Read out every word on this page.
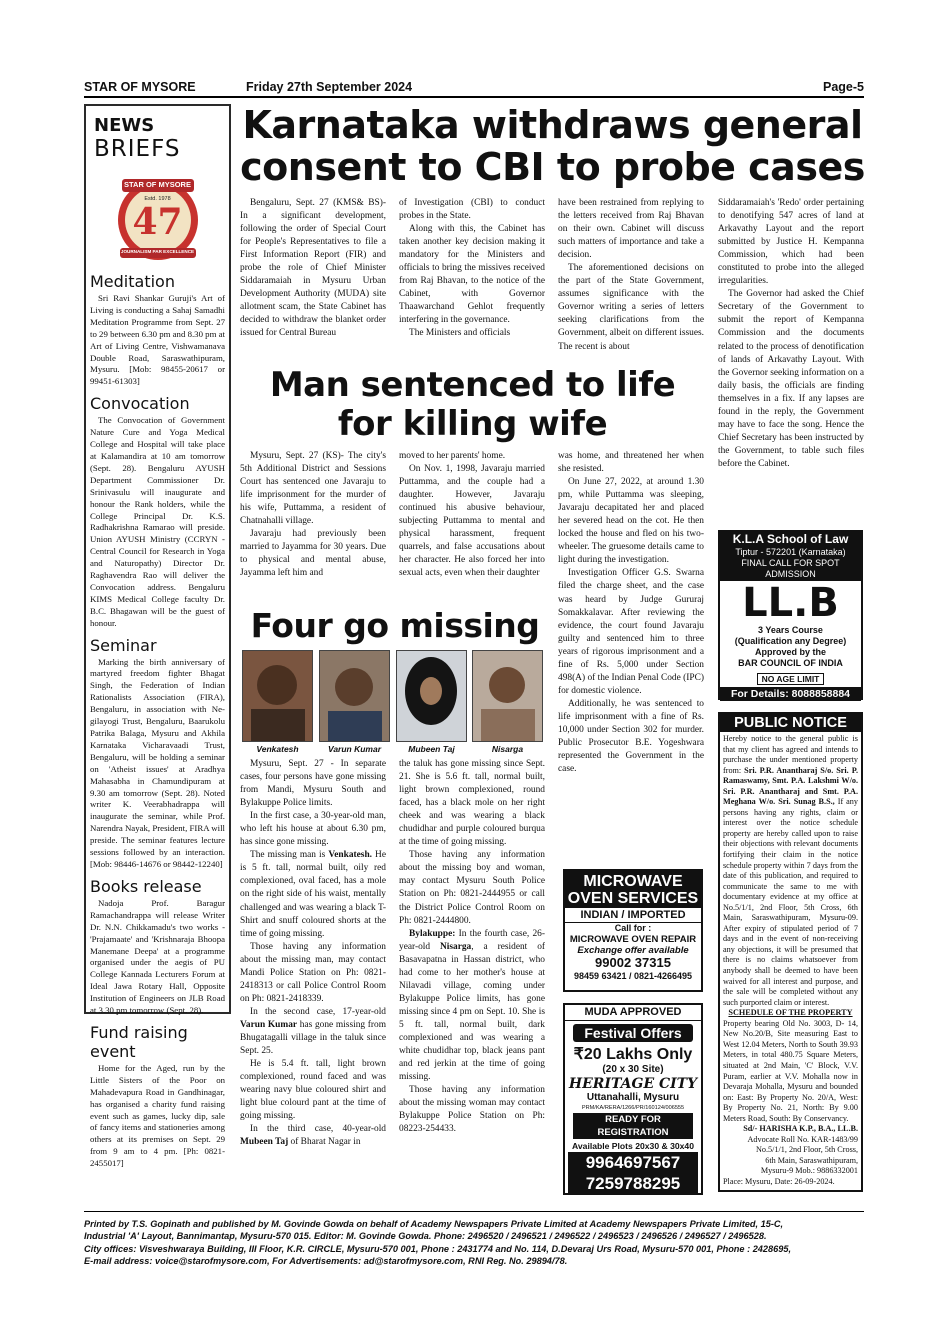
STAR OF MYSORE	Friday 27th September 2024	Page-5
NEWS
BRIEFS
STAR OF MYSORE
Estd. 1978
47
JOURNALISM PAR EXCELLENCE
Meditation

Sri Ravi Shankar Guruji's Art of Living is conducting a Sahaj Samadhi Meditation Programme from Sept. 27 to 29 between 6.30 pm and 8.30 pm at Art of Living Centre, Vishwamanava Double Road, Saraswathipuram, Mysuru. [Mob: 98455-20617 or 99451-61303]

Convocation

The Convocation of Government Nature Cure and Yoga Medical College and Hospital will take place at Kalamandira at 10 am tomorrow (Sept. 28). Bengaluru AYUSH Department Commissioner Dr. Srinivasulu will inaugurate and honour the Rank holders, while the College Principal Dr. K.S. Radhakrishna Ramarao will preside. Union AYUSH Ministry (CCRYN - Central Council for Research in Yoga and Naturopathy) Director Dr. Raghavendra Rao will deliver the Convocation address. Bengaluru KIMS Medical College faculty Dr. B.C. Bhagawan will be the guest of honour.

Seminar

Marking the birth anniversary of martyred freedom fighter Bhagat Singh, the Federation of Indian Rationalists Association (FIRA), Bengaluru, in association with Ne-gilayogi Trust, Bengaluru, Baarukolu Patrika Balaga, Mysuru and Akhila Karnataka Vicharavaadi Trust, Bengaluru, will be holding a seminar on 'Atheist issues' at Aradhya Mahasabha in Chamundipuram at 9.30 am tomorrow (Sept. 28). Noted writer K. Veerabhadrappa will inaugurate the seminar, while Prof. Narendra Nayak, President, FIRA will preside. The seminar features lecture sessions followed by an interaction. [Mob: 98446-14676 or 98442-12240]

Books release

Nadoja Prof. Baragur Ramachandrappa will release Writer Dr. N.N. Chikkamadu's two works - 'Prajamaate' and 'Krishnaraja Bhoopa Manemane Deepa' at a programme organised under the aegis of PU College Kannada Lecturers Forum at Ideal Jawa Rotary Hall, Opposite Institution of Engineers on JLB Road at 3.30 pm tomorrow (Sept. 28).

Fund raising event

Home for the Aged, run by the Little Sisters of the Poor on Mahadevapura Road in Gandhinagar, has organised a charity fund raising event such as games, lucky dip, sale of fancy items and stationeries among others at its premises on Sept. 29 from 9 am to 4 pm. [Ph: 0821-2455017]

Karnataka withdraws general
consent to CBI to probe cases

Bengaluru, Sept. 27 (KMS& BS)- In a significant development, following the order of Special Court for People's Representatives to file a First Information Report (FIR) and probe the role of Chief Minister Siddaramaiah in Mysuru Urban Development Authority (MUDA) site allotment scam, the State Cabinet has decided to withdraw the blanket order issued for Central Bureau

of Investigation (CBI) to conduct probes in the State.

Along with this, the Cabinet has taken another key decision making it mandatory for the Ministers and officials to bring the missives received from Raj Bhavan, to the notice of the Cabinet, with Governor Thaawarchand Gehlot frequently interfering in the governance.

The Ministers and officials

have been restrained from replying to the letters received from Raj Bhavan on their own. Cabinet will discuss such matters of importance and take a decision.

The aforementioned decisions on the part of the State Government, assumes significance with the Governor writing a series of letters seeking clarifications from the Government, albeit on different issues. The recent is about

Siddaramaiah's 'Redo' order pertaining to denotifying 547 acres of land at Arkavathy Layout and the report submitted by Justice H. Kempanna Commission, which had been constituted to probe into the alleged irregularities.

The Governor had asked the Chief Secretary of the Government to submit the report of Kempanna Commission and the documents related to the process of denotification of lands of Arkavathy Layout. With the Governor seeking information on a daily basis, the officials are finding themselves in a fix. If any lapses are found in the reply, the Government may have to face the song. Hence the Chief Secretary has been instructed by the Government, to table such files before the Cabinet.

Man sentenced to life
for killing wife

Mysuru, Sept. 27 (KS)- The city's 5th Additional District and Sessions Court has sentenced one Javaraju to life imprisonment for the murder of his wife, Puttamma, a resident of Chatnahalli village.

Javaraju had previously been married to Jayamma for 30 years. Due to physical and mental abuse, Jayamma left him and

moved to her parents' home.

On Nov. 1, 1998, Javaraju married Puttamma, and the couple had a daughter. However, Javaraju continued his abusive behaviour, subjecting Puttamma to mental and physical harassment, frequent quarrels, and false accusations about her character. He also forced her into sexual acts, even when their daughter

was home, and threatened her when she resisted.

On June 27, 2022, at around 1.30 pm, while Puttamma was sleeping, Javaraju decapitated her and placed her severed head on the cot. He then locked the house and fled on his two-wheeler. The gruesome details came to light during the investigation.

Investigation Officer G.S. Swarna filed the charge sheet, and the case was heard by Judge Gururaj Somakkalavar. After reviewing the evidence, the court found Javaraju guilty and sentenced him to three years of rigorous imprisonment and a fine of Rs. 5,000 under Section 498(A) of the Indian Penal Code (IPC) for domestic violence.

Additionally, he was sentenced to life imprisonment with a fine of Rs. 10,000 under Section 302 for murder. Public Prosecutor B.E. Yogeshwara represented the Government in the case.

Four go missing
Venkatesh	Varun Kumar	Mubeen Taj	Nisarga

Mysuru, Sept. 27 - In separate cases, four persons have gone missing from Mandi, Mysuru South and Bylakuppe Police limits.

In the first case, a 30-year-old man, who left his house at about 6.30 pm, has since gone missing.

The missing man is Venkatesh. He is 5 ft. tall, normal built, oily red complexioned, oval faced, has a mole on the right side of his waist, mentally challenged and was wearing a black T-Shirt and snuff coloured shorts at the time of going missing.

Those having any information about the missing man, may contact Mandi Police Station on Ph: 0821-2418313 or call Police Control Room on Ph: 0821-2418339.

In the second case, 17-year-old Varun Kumar has gone missing from Bhugatagalli village in the taluk since Sept. 25.

He is 5.4 ft. tall, light brown complexioned, round faced and was wearing navy blue coloured shirt and light blue colourd pant at the time of going missing.

In the third case, 40-year-old Mubeen Taj of Bharat Nagar in

the taluk has gone missing since Sept. 21. She is 5.6 ft. tall, normal built, light brown complexioned, round faced, has a black mole on her right cheek and was wearing a black chudidhar and purple coloured burqua at the time of going missing.

Those having any information about the missing boy and woman, may contact Mysuru South Police Station on Ph: 0821-2444955 or call the District Police Control Room on Ph: 0821-2444800.

Bylakuppe: In the fourth case, 26-year-old Nisarga, a resident of Basavapatna in Hassan district, who had come to her mother's house at Nilavadi village, coming under Bylakuppe Police limits, has gone missing since 4 pm on Sept. 10. She is 5 ft. tall, normal built, dark complexioned and was wearing a white chudidhar top, black jeans pant and red jerkin at the time of going missing.

Those having any information about the missing woman may contact Bylakuppe Police Station on Ph: 08223-254433.

MICROWAVE
OVEN SERVICES
INDIAN / IMPORTED
Call for :
MICROWAVE OVEN REPAIR
Exchange offer available
99002 37315
98459 63421 / 0821-4266495
MUDA APPROVED
Festival Offers
₹20 Lakhs Only
(20 x 30 Site)
HERITAGE CITY
Uttanahalli, Mysuru
PRM/KA/RERA/1266/PR/160124/006555
READY FOR REGISTRATION
Available Plots 20x30 & 30x40
9964697567
7259788295
K.L.A School of Law
Tiptur - 572201 (Karnataka)
FINAL CALL FOR SPOT ADMISSION
LL.B
3 Years Course
(Qualification any Degree)
Approved by the
BAR COUNCIL OF INDIA
NO AGE LIMIT
For Details: 8088858884
PUBLIC NOTICE
Hereby notice to the general public is that my client has agreed and intends to purchase the under mentioned property from: Sri. P.R. Anantharaj S/o. Sri. P. Ramaswamy, Smt. P.A. Lakshmi W/o. Sri. P.R. Anantharaj and Smt. P.A. Meghana W/o. Sri. Sunag B.S., If any persons having any rights, claim or interest over the notice schedule property are hereby called upon to raise their objections with relevant documents fortifying their claim in the notice schedule property within 7 days from the date of this publication, and required to communicate the same to me with documentary evidence at my office at No.5/1/1, 2nd Floor, 5th Cross, 6th Main, Saraswathipuram, Mysuru-09. After expiry of stipulated period of 7 days and in the event of non-receiving any objections, it will be presumed that there is no claims whatsoever from anybody shall be deemed to have been waived for all interest and purpose, and the sale will be completed without any such purported claim or interest.
SCHEDULE OF THE PROPERTY
Property bearing Old No. 3003, D- 14, New No.20/B, Site measuring East to West 12.04 Meters, North to South 39.93 Meters, in total 480.75 Square Meters, situated at 2nd Main, 'C' Block, V.V. Puram, earlier at V.V. Mohalla now in Devaraja Mohalla, Mysuru and bounded on: East: By Property No. 20/A, West: By Property No. 21, North: By 9.00 Meters Road, South: By Conservancy.
Sd/- HARISHA K.P., B.A., LL.B.
Advocate Roll No. KAR-1483/99
No.5/1/1, 2nd Floor, 5th Cross,
6th Main, Saraswathipuram,
Mysuru-9 Mob.: 9886332001
Place: Mysuru, Date: 26-09-2024.
Printed by T.S. Gopinath and published by M. Govinde Gowda on behalf of Academy Newspapers Private Limited at Academy Newspapers Private Limited, 15-C,
Industrial 'A' Layout, Bannimantap, Mysuru-570 015. Editor: M. Govinde Gowda. Phone: 2496520 / 2496521 / 2496522 / 2496523 / 2496526 / 2496527 / 2496528.
City offices: Visveshwaraya Building, III Floor, K.R. CIRCLE, Mysuru-570 001, Phone : 2431774 and No. 114, D.Devaraj Urs Road, Mysuru-570 001, Phone : 2428695,
E-mail address: voice@starofmysore.com, For Advertisements: ad@starofmysore.com, RNI Reg. No. 29894/78.
